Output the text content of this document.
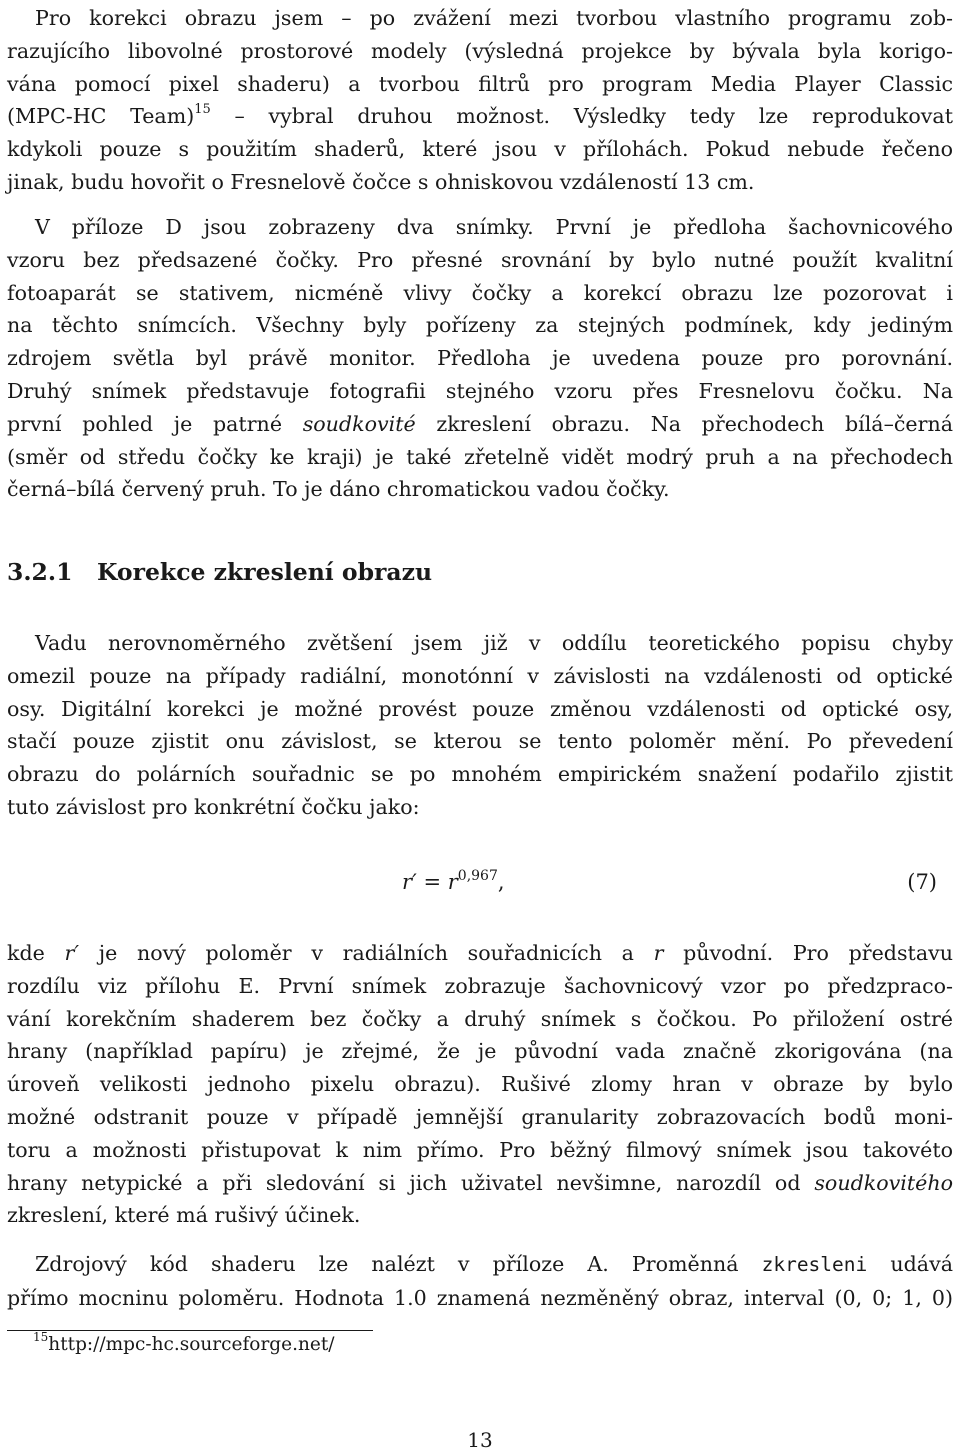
Pro korekci obrazu jsem – po zvážení mezi tvorbou vlastního programu zob-
razujícího libovolné prostorové modely (výsledná projekce by bývala byla korigo-
vána pomocí pixel shaderu) a tvorbou filtrů pro program Media Player Classic
(MPC-HC Team)$^{15}$ – vybral druhou možnost. Výsledky tedy lze reprodukovat
kdykoli pouze s použitím shaderů, které jsou v přílohách. Pokud nebude řečeno
jinak, budu hovořit o Fresnelově čočce s ohniskovou vzdáleností 13 cm.

V příloze D jsou zobrazeny dva snímky. První je předloha šachovnicového
vzoru bez předsazené čočky. Pro přesné srovnání by bylo nutné použít kvalitní
fotoaparát se stativem, nicméně vlivy čočky a korekcí obrazu lze pozorovat i
na těchto snímcích. Všechny byly pořízeny za stejných podmínek, kdy jediným
zdrojem světla byl právě monitor. Předloha je uvedena pouze pro porovnání.
Druhý snímek představuje fotografii stejného vzoru přes Fresnelovu čočku. Na
první pohled je patrné soudkovité zkreslení obrazu. Na přechodech bílá–černá
(směr od středu čočky ke kraji) je také zřetelně vidět modrý pruh a na přechodech
černá–bílá červený pruh. To je dáno chromatickou vadou čočky.

3.2.1 Korekce zkreslení obrazu

Vadu nerovnoměrného zvětšení jsem již v oddílu teoretického popisu chyby
omezil pouze na případy radiální, monotónní v závislosti na vzdálenosti od optické
osy. Digitální korekci je možné provést pouze změnou vzdálenosti od optické osy,
stačí pouze zjistit onu závislost, se kterou se tento poloměr mění. Po převedení
obrazu do polárních souřadnic se po mnohém empirickém snažení podařilo zjistit
tuto závislost pro konkrétní čočku jako:

$r' = r^{0,967}$,	(7)

kde r′ je nový poloměr v radiálních souřadnicích a r původní. Pro představu
rozdílu viz přílohu E. První snímek zobrazuje šachovnicový vzor po předzpraco-
vání korekčním shaderem bez čočky a druhý snímek s čočkou. Po přiložení ostré
hrany (například papíru) je zřejmé, že je původní vada značně zkorigována (na
úroveň velikosti jednoho pixelu obrazu). Rušivé zlomy hran v obraze by bylo
možné odstranit pouze v případě jemnější granularity zobrazovacích bodů moni-
toru a možnosti přistupovat k nim přímo. Pro běžný filmový snímek jsou takovéto
hrany netypické a při sledování si jich uživatel nevšimne, narozdíl od soudkovitého
zkreslení, které má rušivý účinek.

Zdrojový kód shaderu lze nalézt v příloze A. Proměnná zkresleni udává
přímo mocninu poloměru. Hodnota 1.0 znamená nezměněný obraz, interval (0, 0; 1, 0)

$^{15}$http://mpc-hc.sourceforge.net/
13
